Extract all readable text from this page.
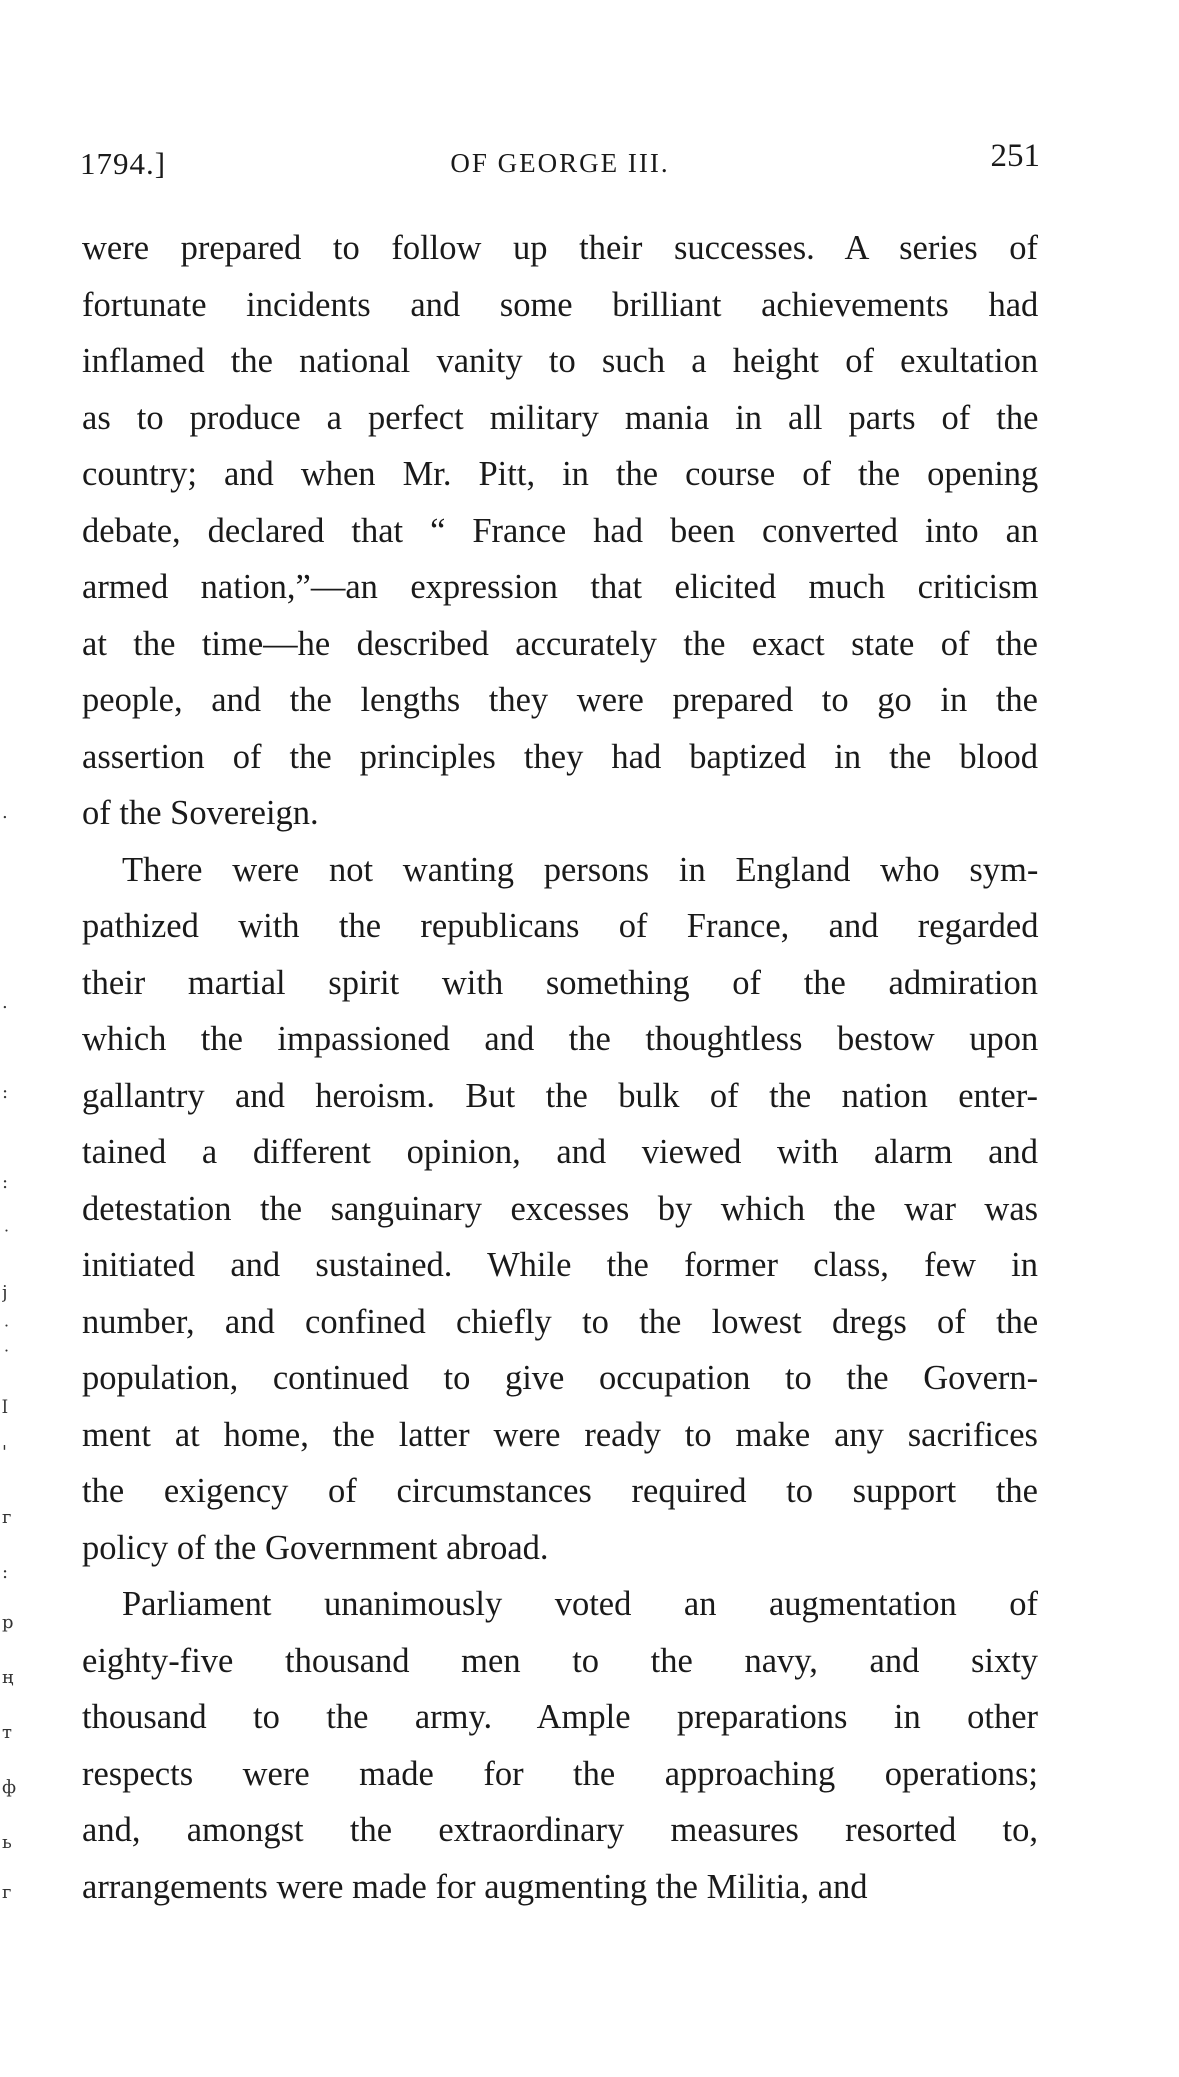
1794.]	OF GEORGE III.	251

were prepared to follow up their successes. A series of
fortunate incidents and some brilliant achievements had
inflamed the national vanity to such a height of exultation
as to produce a perfect military mania in all parts of the
country; and when Mr. Pitt, in the course of the opening
debate, declared that “ France had been converted into an
armed nation,”—an expression that elicited much criticism
at the time—he described accurately the exact state of the
people, and the lengths they were prepared to go in the
assertion of the principles they had baptized in the blood
of the Sovereign.

There were not wanting persons in England who sym-
pathized with the republicans of France, and regarded
their martial spirit with something of the admiration
which the impassioned and the thoughtless bestow upon
gallantry and heroism. But the bulk of the nation enter-
tained a different opinion, and viewed with alarm and
detestation the sanguinary excesses by which the war was
initiated and sustained. While the former class, few in
number, and confined chiefly to the lowest dregs of the
population, continued to give occupation to the Govern-
ment at home, the latter were ready to make any sacrifices
the exigency of circumstances required to support the
policy of the Government abroad.

Parliament unanimously voted an augmentation of
eighty-five thousand men to the navy, and sixty
thousand to the army. Ample preparations in other
respects were made for the approaching operations;
and, amongst the extraordinary measures resorted to,
arrangements were made for augmenting the Militia, and

.
.
:
:
˙
ј
˙
˙
ӏ
'
г
:
р
ң
т
ф
ь
г
